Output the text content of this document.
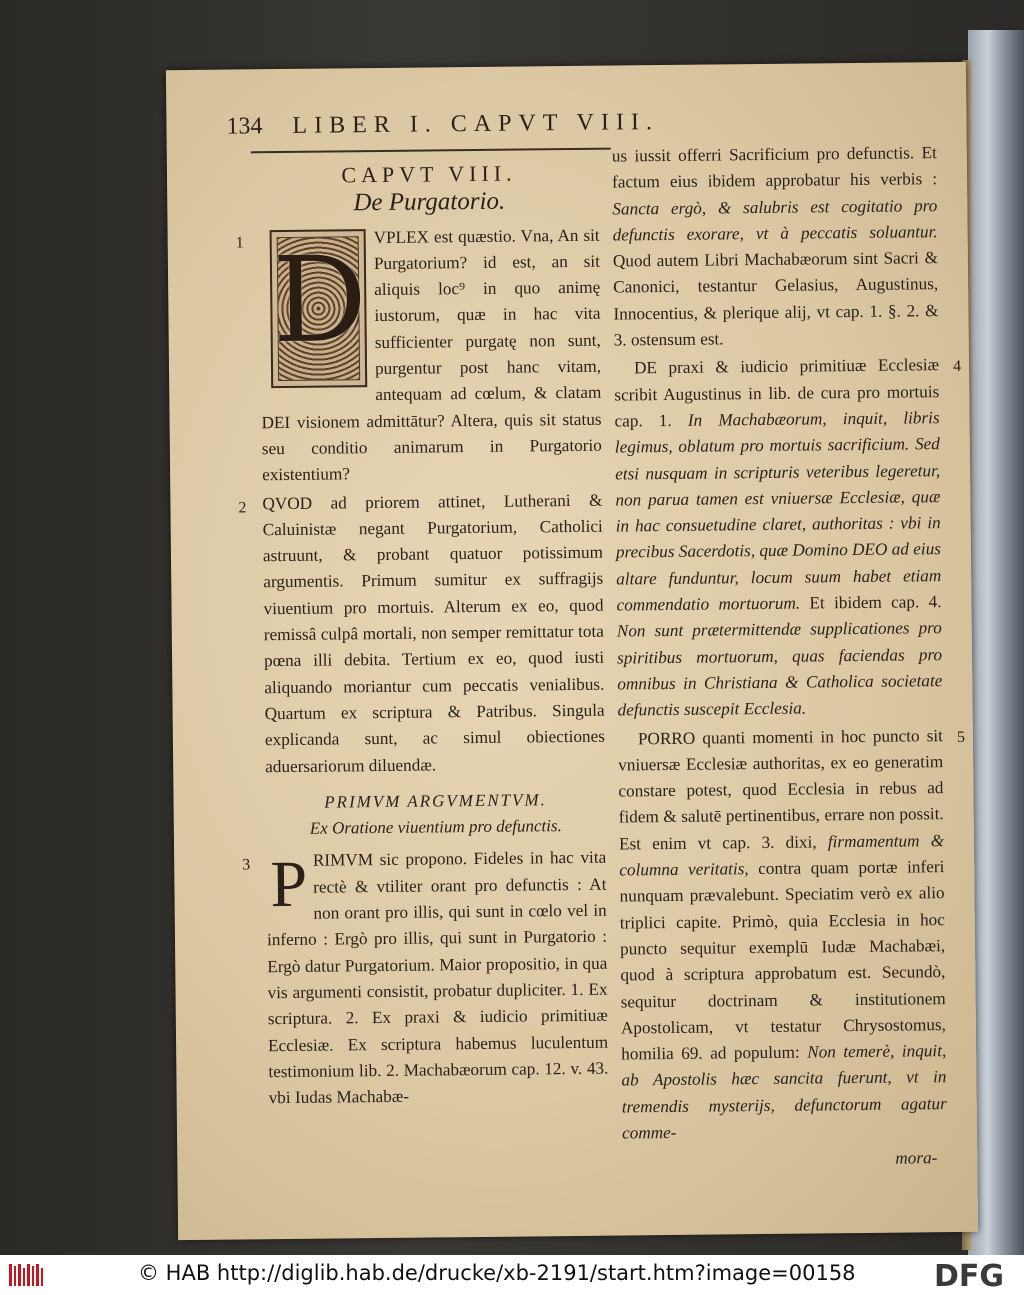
134 LIBER I. CAPVT VIII.
CAPVT VIII.
De Purgatorio.
1 D VPLEX est quæstio. Vna, An sit Purgatorium? id est, an sit aliquis loc⁹ in quo animę iustorum, quæ in hac vita sufficienter purgatę non sunt, purgentur post hanc vitam, antequam ad cœlum, & clatam DEI visionem admittātur? Altera, quis sit status seu conditio animarum in Purgatorio existentium?
2 QVOD ad priorem attinet, Lutherani & Caluinistæ negant Purgatorium, Catholici astruunt, & probant quatuor potissimum argumentis. Primum sumitur ex suffragijs viuentium pro mortuis. Alterum ex eo, quod remissâ culpâ mortali, non semper remittatur tota pœna illi debita. Tertium ex eo, quod iusti aliquando moriantur cum peccatis venialibus. Quartum ex scriptura & Patribus. Singula explicanda sunt, ac simul obiectiones aduersariorum diluendæ.
PRIMVM ARGVMENTVM.
Ex Oratione viuentium pro defunctis.
3 P RIMVM sic propono. Fideles in hac vita rectè & vtiliter orant pro defunctis : At non orant pro illis, qui sunt in cœlo vel in inferno : Ergò pro illis, qui sunt in Purgatorio : Ergò datur Purgatorium. Maior propositio, in qua vis argumenti consistit, probatur dupliciter. 1. Ex scriptura. 2. Ex praxi & iudicio primitiuæ Ecclesiæ. Ex scriptura habemus luculentum testimonium lib. 2. Machabæorum cap. 12. v. 43. vbi Iudas Machabæ-
us iussit offerri Sacrificium pro defunctis. Et factum eius ibidem approbatur his verbis : Sancta ergò, & salubris est cogitatio pro defunctis exorare, vt à peccatis soluantur. Quod autem Libri Machabæorum sint Sacri & Canonici, testantur Gelasius, Augustinus, Innocentius, & plerique alij, vt cap. 1. §. 2. & 3. ostensum est.
4
DE praxi & iudicio primitiuæ Ecclesiæ scribit Augustinus in lib. de cura pro mortuis cap. 1. In Machabæorum, inquit, libris legimus, oblatum pro mortuis sacrificium. Sed etsi nusquam in scripturis veteribus legeretur, non parua tamen est vniuersæ Ecclesiæ, quæ in hac consuetudine claret, authoritas : vbi in precibus Sacerdotis, quæ Domino DEO ad eius altare funduntur, locum suum habet etiam commendatio mortuorum. Et ibidem cap. 4. Non sunt prætermittendæ supplicationes pro spiritibus mortuorum, quas faciendas pro omnibus in Christiana & Catholica societate defunctis suscepit Ecclesia.
5
PORRO quanti momenti in hoc puncto sit vniuersæ Ecclesiæ authoritas, ex eo generatim constare potest, quod Ecclesia in rebus ad fidem & salutē pertinentibus, errare non possit. Est enim vt cap. 3. dixi, firmamentum & columna veritatis, contra quam portæ inferi nunquam prævalebunt. Speciatim verò ex alio triplici capite. Primò, quia Ecclesia in hoc puncto sequitur exemplū Iudæ Machabæi, quod à scriptura approbatum est. Secundò, sequitur doctrinam & institutionem Apostolicam, vt testatur Chrysostomus, homilia 69. ad populum: Non temerè, inquit, ab Apostolis hæc sancita fuerunt, vt in tremendis mysterijs, defunctorum agatur comme-
mora-
© HAB http://diglib.hab.de/drucke/xb-2191/start.htm?image=00158	DFG
